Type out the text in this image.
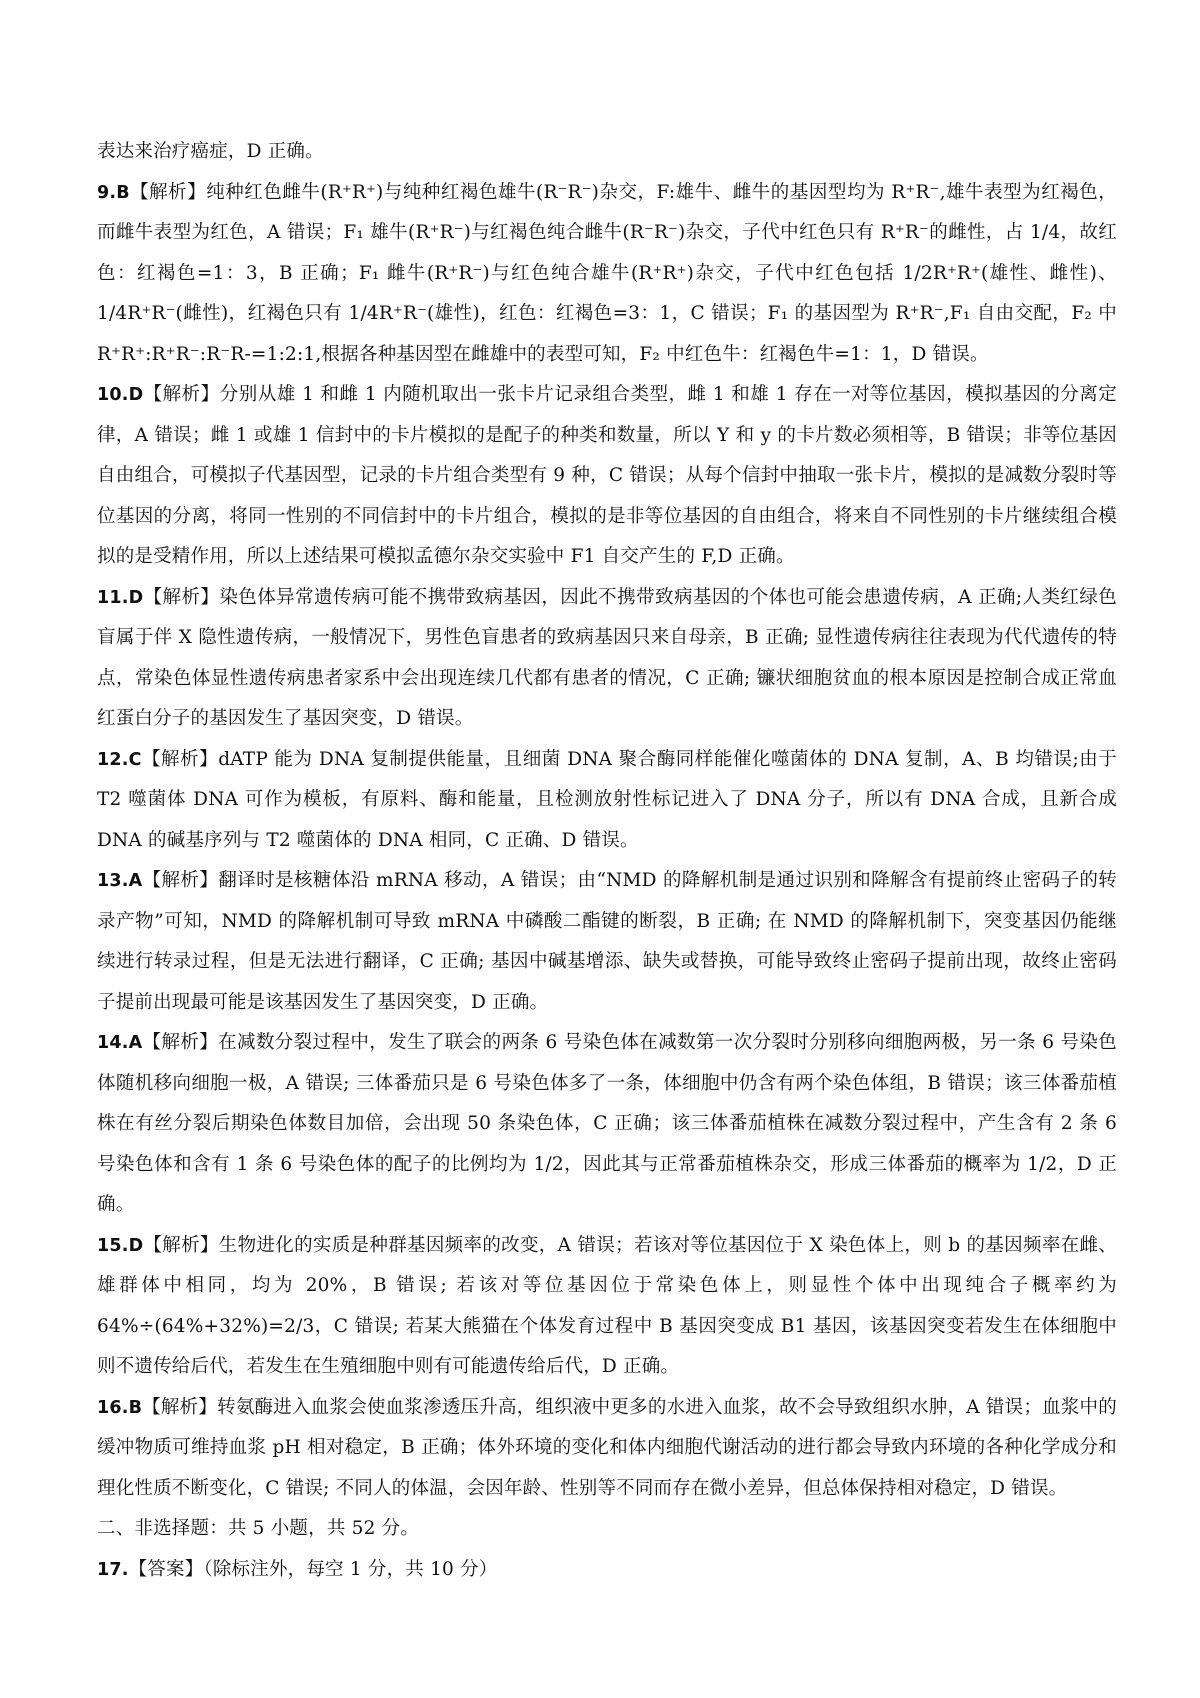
表达来治疗癌症，D 正确。

9.B【解析】纯种红色雌牛(R⁺R⁺)与纯种红褐色雄牛(R⁻R⁻)杂交，F:雄牛、雌牛的基因型均为 R⁺R⁻,雄牛表型为红褐色，而雌牛表型为红色，A 错误；F₁ 雄牛(R⁺R⁻)与红褐色纯合雌牛(R⁻R⁻)杂交，子代中红色只有 R⁺R⁻的雌性，占 1/4，故红色：红褐色=1：3，B 正确；F₁ 雌牛(R⁺R⁻)与红色纯合雄牛(R⁺R⁺)杂交，子代中红色包括 1/2R⁺R⁺(雄性、雌性)、1/4R⁺R⁻(雌性)，红褐色只有 1/4R⁺R⁻(雄性)，红色：红褐色=3：1，C 错误；F₁ 的基因型为 R⁺R⁻,F₁ 自由交配，F₂ 中 R⁺R⁺:R⁺R⁻:R⁻R-=1:2:1,根据各种基因型在雌雄中的表型可知，F₂ 中红色牛：红褐色牛=1：1，D 错误。

10.D【解析】分别从雄 1 和雌 1 内随机取出一张卡片记录组合类型，雌 1 和雄 1 存在一对等位基因，模拟基因的分离定律，A 错误；雌 1 或雄 1 信封中的卡片模拟的是配子的种类和数量，所以 Y 和 y 的卡片数必须相等，B 错误；非等位基因自由组合，可模拟子代基因型，记录的卡片组合类型有 9 种，C 错误；从每个信封中抽取一张卡片，模拟的是减数分裂时等位基因的分离，将同一性别的不同信封中的卡片组合，模拟的是非等位基因的自由组合，将来自不同性别的卡片继续组合模拟的是受精作用，所以上述结果可模拟孟德尔杂交实验中 F1 自交产生的 F,D 正确。

11.D【解析】染色体异常遗传病可能不携带致病基因，因此不携带致病基因的个体也可能会患遗传病，A 正确;人类红绿色盲属于伴 X 隐性遗传病，一般情况下，男性色盲患者的致病基因只来自母亲，B 正确; 显性遗传病往往表现为代代遗传的特点，常染色体显性遗传病患者家系中会出现连续几代都有患者的情况，C 正确; 镰状细胞贫血的根本原因是控制合成正常血红蛋白分子的基因发生了基因突变，D 错误。

12.C【解析】dATP 能为 DNA 复制提供能量，且细菌 DNA 聚合酶同样能催化噬菌体的 DNA 复制，A、B 均错误;由于 T2 噬菌体 DNA 可作为模板，有原料、酶和能量，且检测放射性标记进入了 DNA 分子，所以有 DNA 合成，且新合成 DNA 的碱基序列与 T2 噬菌体的 DNA 相同，C 正确、D 错误。

13.A【解析】翻译时是核糖体沿 mRNA 移动，A 错误；由“NMD 的降解机制是通过识别和降解含有提前终止密码子的转录产物”可知，NMD 的降解机制可导致 mRNA 中磷酸二酯键的断裂，B 正确; 在 NMD 的降解机制下，突变基因仍能继续进行转录过程，但是无法进行翻译，C 正确; 基因中碱基增添、缺失或替换，可能导致终止密码子提前出现，故终止密码子提前出现最可能是该基因发生了基因突变，D 正确。

14.A【解析】在减数分裂过程中，发生了联会的两条 6 号染色体在减数第一次分裂时分别移向细胞两极，另一条 6 号染色体随机移向细胞一极，A 错误; 三体番茄只是 6 号染色体多了一条，体细胞中仍含有两个染色体组，B 错误；该三体番茄植株在有丝分裂后期染色体数目加倍，会出现 50 条染色体，C 正确；该三体番茄植株在减数分裂过程中，产生含有 2 条 6 号染色体和含有 1 条 6 号染色体的配子的比例均为 1/2，因此其与正常番茄植株杂交，形成三体番茄的概率为 1/2，D 正确。

15.D【解析】生物进化的实质是种群基因频率的改变，A 错误；若该对等位基因位于 X 染色体上，则 b 的基因频率在雌、雄群体中相同，均为 20%，B 错误; 若该对等位基因位于常染色体上，则显性个体中出现纯合子概率约为 64%÷(64%+32%)=2/3，C 错误; 若某大熊猫在个体发育过程中 B 基因突变成 B1 基因，该基因突变若发生在体细胞中则不遗传给后代，若发生在生殖细胞中则有可能遗传给后代，D 正确。

16.B【解析】转氨酶进入血浆会使血浆渗透压升高，组织液中更多的水进入血浆，故不会导致组织水肿，A 错误；血浆中的缓冲物质可维持血浆 pH 相对稳定，B 正确；体外环境的变化和体内细胞代谢活动的进行都会导致内环境的各种化学成分和理化性质不断变化，C 错误; 不同人的体温，会因年龄、性别等不同而存在微小差异，但总体保持相对稳定，D 错误。

二、非选择题：共 5 小题，共 52 分。

17.【答案】（除标注外，每空 1 分，共 10 分）
